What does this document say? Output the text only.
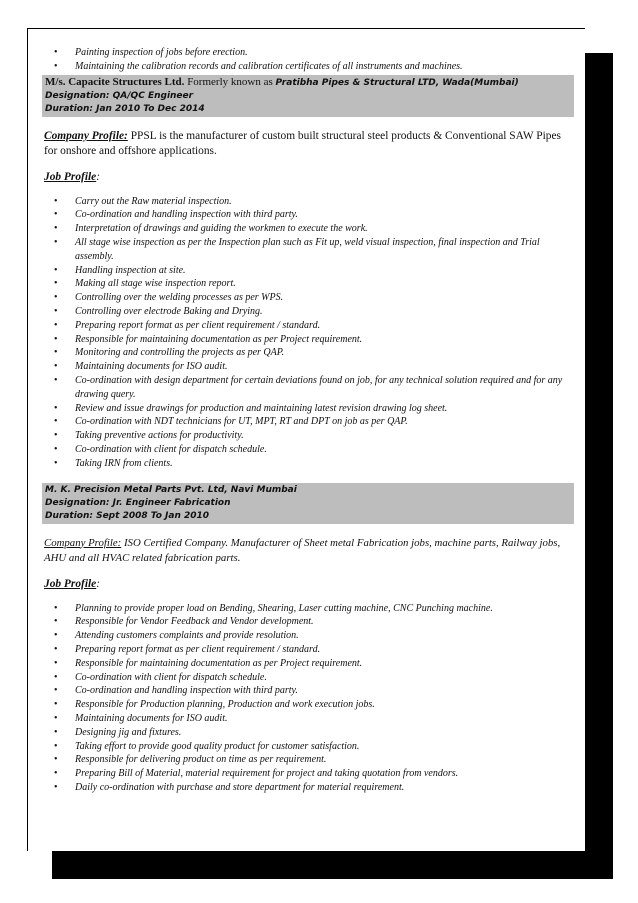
• Painting inspection of jobs before erection.
• Maintaining the calibration records and calibration certificates of all instruments and machines.
M/s. Capacite Structures Ltd. Formerly known as Pratibha Pipes & Structural LTD, Wada(Mumbai)
Designation: QA/QC Engineer
Duration: Jan 2010 To Dec 2014

Company Profile: PPSL is the manufacturer of custom built structural steel products & Conventional SAW Pipes for onshore and offshore applications.

Job Profile:

• Carry out the Raw material inspection.
• Co-ordination and handling inspection with third party.
• Interpretation of drawings and guiding the workmen to execute the work.
• All stage wise inspection as per the Inspection plan such as Fit up, weld visual inspection, final inspection and Trial assembly.
• Handling inspection at site.
• Making all stage wise inspection report.
• Controlling over the welding processes as per WPS.
• Controlling over electrode Baking and Drying.
• Preparing report format as per client requirement / standard.
• Responsible for maintaining documentation as per Project requirement.
• Monitoring and controlling the projects as per QAP.
• Maintaining documents for ISO audit.
• Co-ordination with design department for certain deviations found on job, for any technical solution required and for any drawing query.
• Review and issue drawings for production and maintaining latest revision drawing log sheet.
• Co-ordination with NDT technicians for UT, MPT, RT and DPT on job as per QAP.
• Taking preventive actions for productivity.
• Co-ordination with client for dispatch schedule.
• Taking IRN from clients.
M. K. Precision Metal Parts Pvt. Ltd, Navi Mumbai
Designation: Jr. Engineer Fabrication
Duration: Sept 2008 To Jan 2010

Company Profile: ISO Certified Company. Manufacturer of Sheet metal Fabrication jobs, machine parts, Railway jobs, AHU and all HVAC related fabrication parts.

Job Profile:

• Planning to provide proper load on Bending, Shearing, Laser cutting machine, CNC Punching machine.
• Responsible for Vendor Feedback and Vendor development.
• Attending customers complaints and provide resolution.
• Preparing report format as per client requirement / standard.
• Responsible for maintaining documentation as per Project requirement.
• Co-ordination with client for dispatch schedule.
• Co-ordination and handling inspection with third party.
• Responsible for Production planning, Production and work execution jobs.
• Maintaining documents for ISO audit.
• Designing jig and fixtures.
• Taking effort to provide good quality product for customer satisfaction.
• Responsible for delivering product on time as per requirement.
• Preparing Bill of Material, material requirement for project and taking quotation from vendors.
• Daily co-ordination with purchase and store department for material requirement.
